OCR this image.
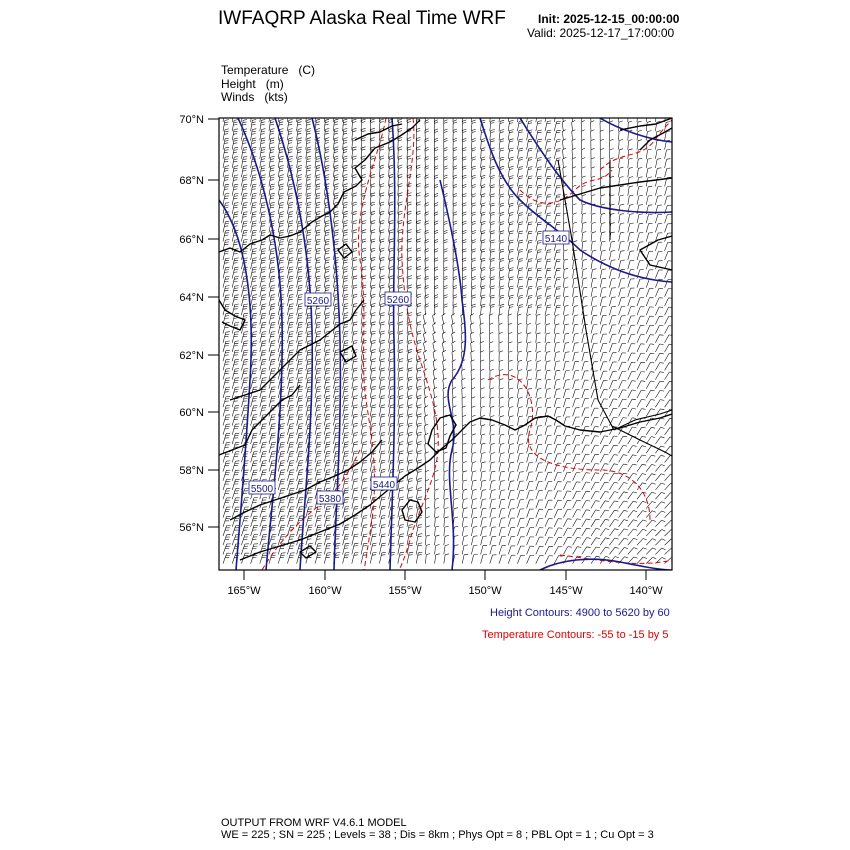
IWFAQRP Alaska Real Time WRF	Init: 2025-12-15_00:00:00
Valid: 2025-12-17_17:00:00
Temperature (C)
Height (m)
Winds (kts)
5140
5260	5260
5500
5380
5440
70°N
68°N
66°N
64°N
62°N
60°N
58°N
56°N
165°W	160°W	155°W	150°W	145°W	140°W
Height Contours: 4900 to 5620 by 60
Temperature Contours: -55 to -15 by 5
OUTPUT FROM WRF V4.6.1 MODEL
WE = 225 ; SN = 225 ; Levels = 38 ; Dis = 8km ; Phys Opt = 8 ; PBL Opt = 1 ; Cu Opt = 3
